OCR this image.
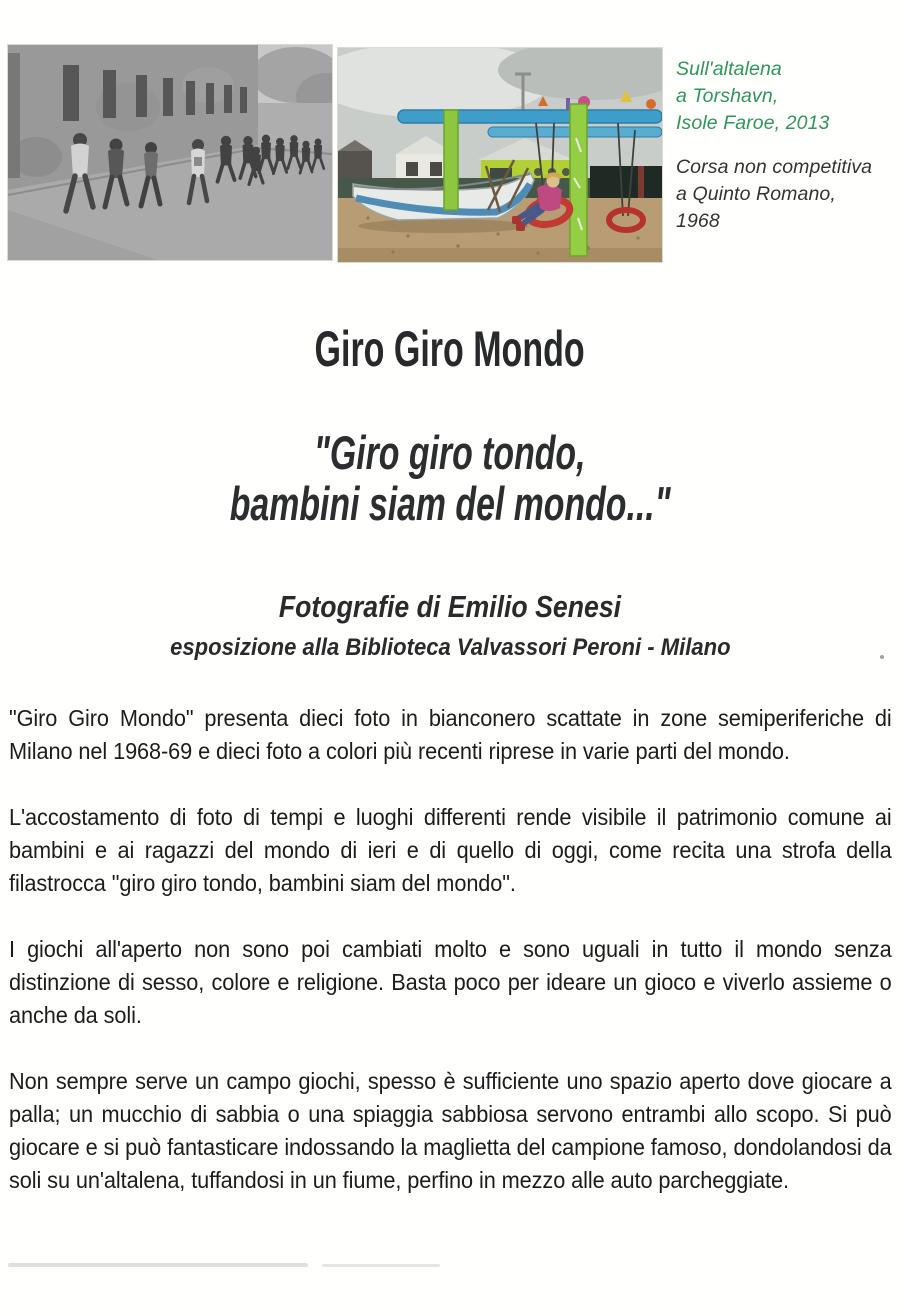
Sull'altalena
a Torshavn,
Isole Faroe, 2013
Corsa non competitiva
a Quinto Romano,
1968
Giro Giro Mondo
"Giro giro tondo,
bambini siam del mondo..."
Fotografie di Emilio Senesi
esposizione alla Biblioteca Valvassori Peroni - Milano

"Giro Giro Mondo" presenta dieci foto in bianconero scattate in zone semiperiferiche di Milano nel 1968-69 e dieci foto a colori più recenti riprese in varie parti del mondo.

L'accostamento di foto di tempi e luoghi differenti rende visibile il patrimonio comune ai bambini e ai ragazzi del mondo di ieri e di quello di oggi, come recita una strofa della filastrocca "giro giro tondo, bambini siam del mondo".

I giochi all'aperto non sono poi cambiati molto e sono uguali in tutto il mondo senza distinzione di sesso, colore e religione. Basta poco per ideare un gioco e viverlo assieme o anche da soli.

Non sempre serve un campo giochi, spesso è sufficiente uno spazio aperto dove giocare a palla; un mucchio di sabbia o una spiaggia sabbiosa servono entrambi allo scopo. Si può giocare e si può fantasticare indossando la maglietta del campione famoso, dondolandosi da soli su un'altalena, tuffandosi in un fiume, perfino in mezzo alle auto parcheggiate.
